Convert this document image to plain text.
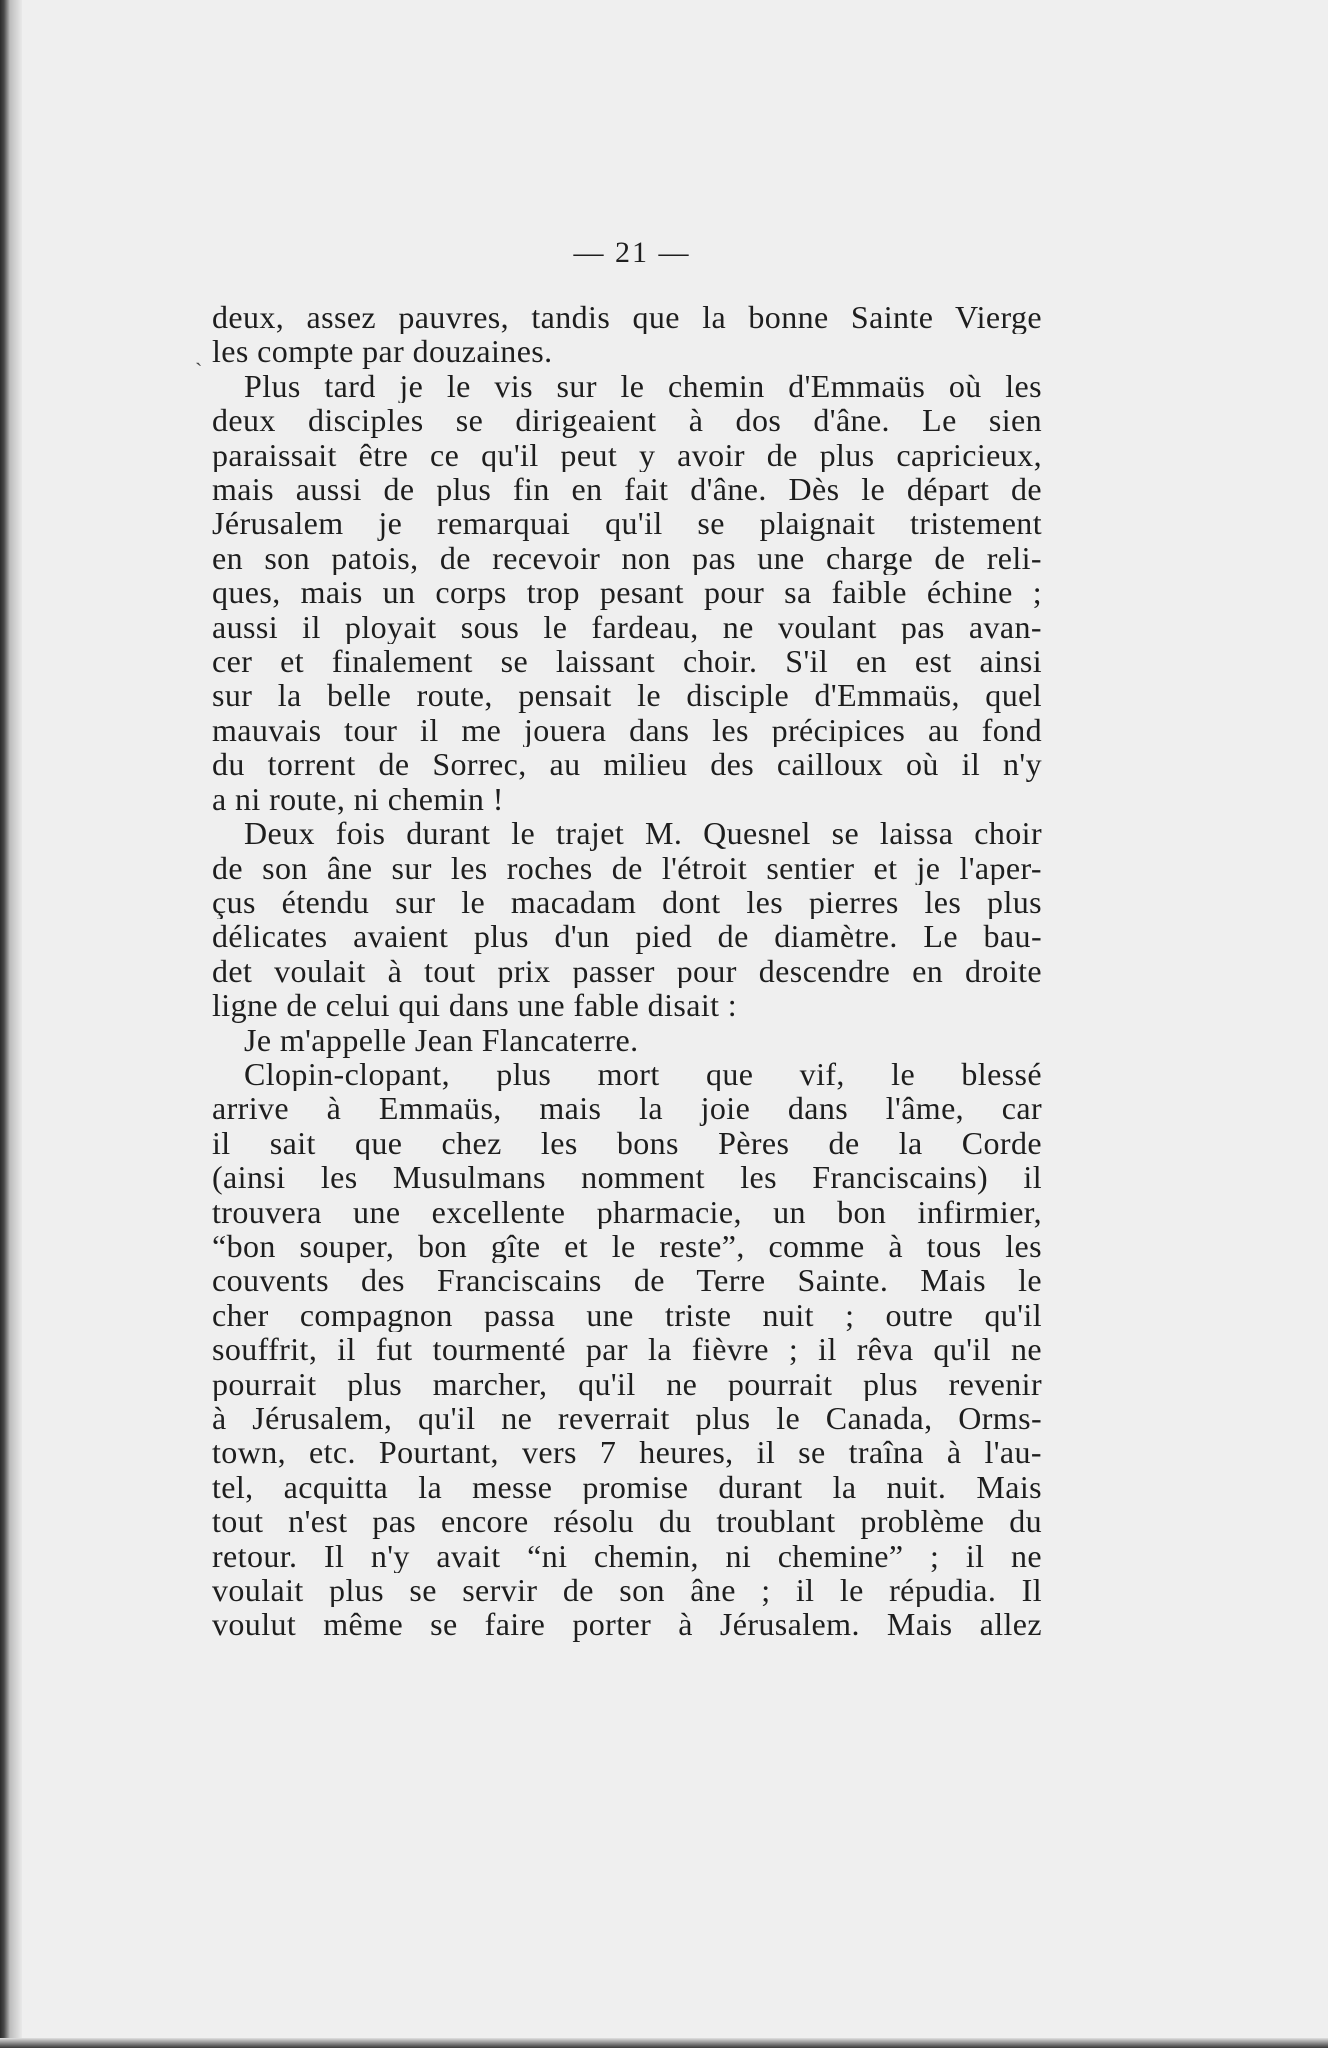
`
— 21 —
deux, assez pauvres, tandis que la bonne Sainte Vierge
les compte par douzaines.
Plus tard je le vis sur le chemin d'Emmaüs où les
deux disciples se dirigeaient à dos d'âne. Le sien
paraissait être ce qu'il peut y avoir de plus capricieux,
mais aussi de plus fin en fait d'âne. Dès le départ de
Jérusalem je remarquai qu'il se plaignait tristement
en son patois, de recevoir non pas une charge de reli-
ques, mais un corps trop pesant pour sa faible échine ;
aussi il ployait sous le fardeau, ne voulant pas avan-
cer et finalement se laissant choir. S'il en est ainsi
sur la belle route, pensait le disciple d'Emmaüs, quel
mauvais tour il me jouera dans les précipices au fond
du torrent de Sorrec, au milieu des cailloux où il n'y
a ni route, ni chemin !
Deux fois durant le trajet M. Quesnel se laissa choir
de son âne sur les roches de l'étroit sentier et je l'aper-
çus étendu sur le macadam dont les pierres les plus
délicates avaient plus d'un pied de diamètre. Le bau-
det voulait à tout prix passer pour descendre en droite
ligne de celui qui dans une fable disait :
Je m'appelle Jean Flancaterre.
Clopin-clopant, plus mort que vif, le blessé
arrive à Emmaüs, mais la joie dans l'âme, car
il sait que chez les bons Pères de la Corde
(ainsi les Musulmans nomment les Franciscains) il
trouvera une excellente pharmacie, un bon infirmier,
“bon souper, bon gîte et le reste”, comme à tous les
couvents des Franciscains de Terre Sainte. Mais le
cher compagnon passa une triste nuit ; outre qu'il
souffrit, il fut tourmenté par la fièvre ; il rêva qu'il ne
pourrait plus marcher, qu'il ne pourrait plus revenir
à Jérusalem, qu'il ne reverrait plus le Canada, Orms-
town, etc. Pourtant, vers 7 heures, il se traîna à l'au-
tel, acquitta la messe promise durant la nuit. Mais
tout n'est pas encore résolu du troublant problème du
retour. Il n'y avait “ni chemin, ni chemine” ; il ne
voulait plus se servir de son âne ; il le répudia. Il
voulut même se faire porter à Jérusalem. Mais allez
